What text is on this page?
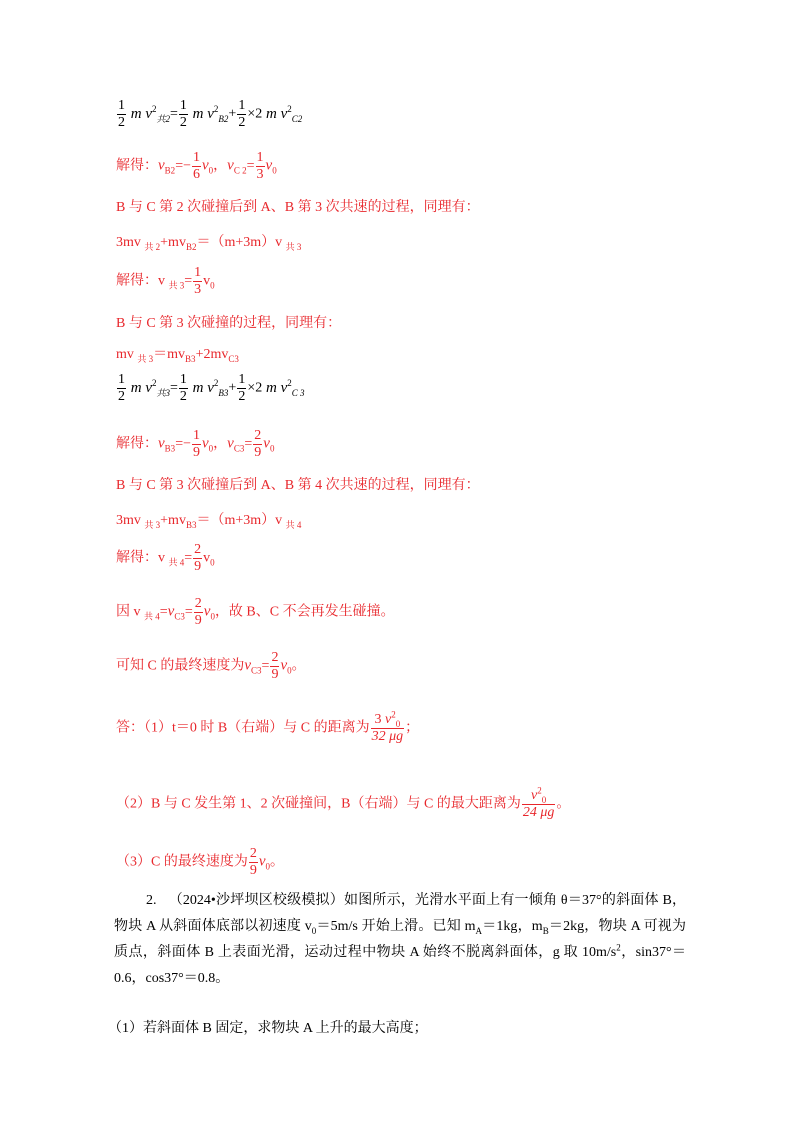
$\frac{1}{2}$ m $v^2_{共2}= \frac{1}{2}$ m $v^2_{B2}+ \frac{1}{2} \times 2$ m $v^2_{C2}$
解得：$v_{B2}=- \frac{1}{6} v_0$，$v_{C 2}= \frac{1}{3} v_0$
B 与 C 第 2 次碰撞后到 A、B 第 3 次共速的过程，同理有：
3mv $_{共 2}+mv_{B2}=(m+3m)v$ $_{共 3}$
解得：v $_{共 3}= \frac{1}{3} v_0$
B 与 C 第 3 次碰撞的过程，同理有：
mv $_{共 3}=mv_{B3}+2mv_{C3}$
$\frac{1}{2}$ m $v^2_{共3}= \frac{1}{2}$ m $v^2_{B3}+ \frac{1}{2} \times 2$ m $v^2_{C 3}$
解得：$v_{B3}=- \frac{1}{9} v_0$，$v_{C3}= \frac{2}{9} v_0$
B 与 C 第 3 次碰撞后到 A、B 第 4 次共速的过程，同理有：
3mv $_{共 3}+mv_{B3}=(m+3m)v$ $_{共 4}$
解得：v $_{共 4}= \frac{2}{9} v_0$
因 v $_{共 4}=v_{C3}= \frac{2}{9} v_0$，故 B、C 不会再发生碰撞。
可知 C 的最终速度为$v_{C3}= \frac{2}{9} v_0$。
答：（1）t＝0 时 B（右端）与 C 的距离为 $\frac{3 v^2_0}{32 \mu g}$ ；
（2）B 与 C 发生第 1、2 次碰撞间，B（右端）与 C 的最大距离为 $\frac{v^2_0}{24 \mu g}$ 。
（3）C 的最终速度为 $\frac{2}{9} v_0$。
2. （2024•沙坪坝区校级模拟）如图所示，光滑水平面上有一倾角 θ＝37°的斜面体 B，物块 A 从斜面体底部以初速度 $v_0=5m/s$ 开始上滑。已知 $m_A=1kg$，$m_B=2kg$，物块 A 可视为质点，斜面体 B 上表面光滑，运动过程中物块 A 始终不脱离斜面体，g 取 $10m/s^2$，sin37°＝0.6，cos37°＝0.8。
（1）若斜面体 B 固定，求物块 A 上升的最大高度；
